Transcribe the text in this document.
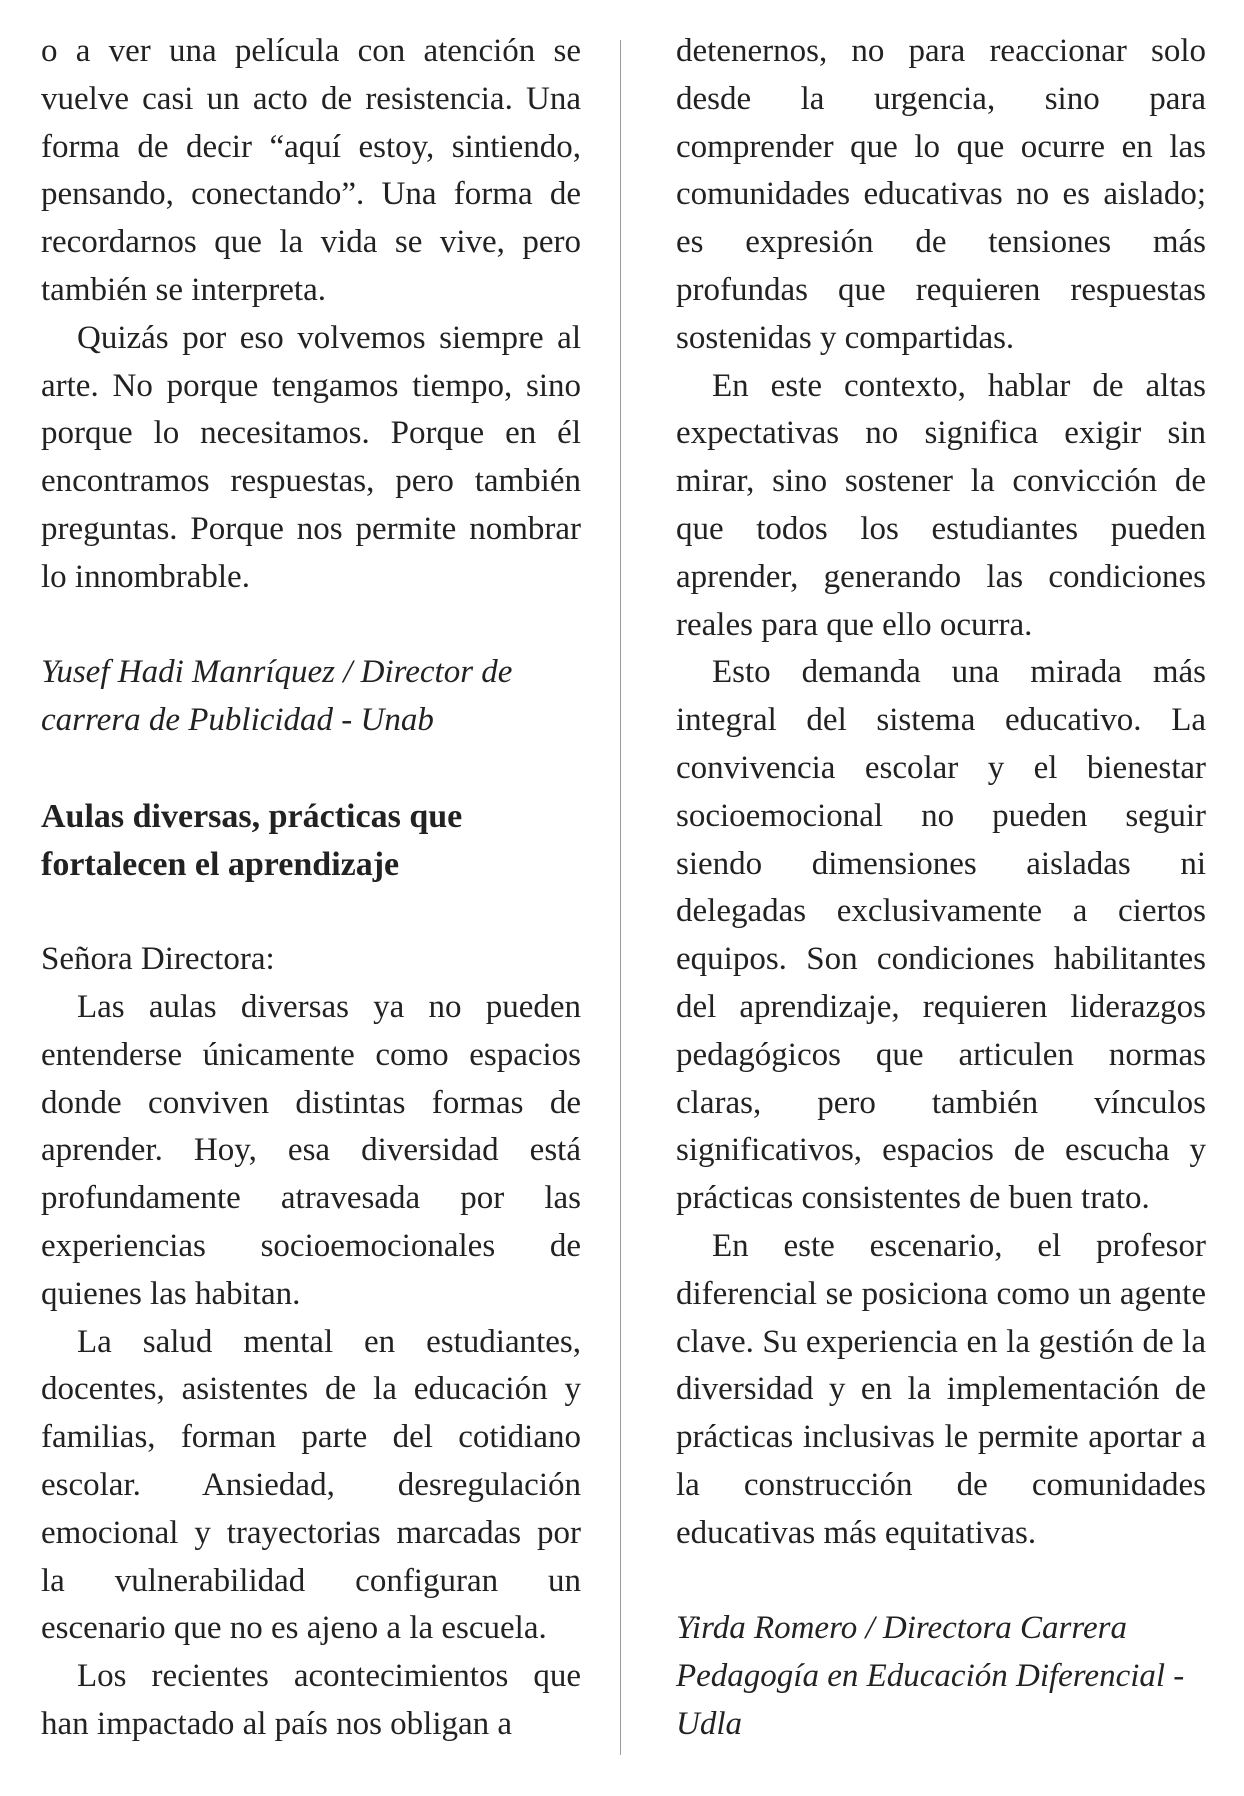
o a ver una película con atención se vuelve casi un acto de resistencia. Una forma de decir “aquí estoy, sintiendo, pensando, conectando”. Una forma de recordarnos que la vida se vive, pero también se interpreta.

Quizás por eso volvemos siempre al arte. No porque tengamos tiempo, sino porque lo necesitamos. Porque en él encontramos respuestas, pero también preguntas. Porque nos permite nombrar lo innombrable.

Yusef Hadi Manríquez / Director de
carrera de Publicidad - Unab
Aulas diversas, prácticas que
fortalecen el aprendizaje

Señora Directora:

Las aulas diversas ya no pueden entenderse únicamente como espacios donde conviven distintas formas de aprender. Hoy, esa diversidad está profundamente atravesada por las experiencias socioemocionales de quienes las habitan.

La salud mental en estudiantes, docentes, asistentes de la educación y familias, forman parte del cotidiano escolar. Ansiedad, desregulación emocional y trayectorias marcadas por la vulnerabilidad configuran un escenario que no es ajeno a la escuela.

Los recientes acontecimientos que han impactado al país nos obligan a

detenernos, no para reaccionar solo desde la urgencia, sino para comprender que lo que ocurre en las comunidades educativas no es aislado; es expresión de tensiones más profundas que requieren respuestas sostenidas y compartidas.

En este contexto, hablar de altas expectativas no significa exigir sin mirar, sino sostener la convicción de que todos los estudiantes pueden aprender, generando las condiciones reales para que ello ocurra.

Esto demanda una mirada más integral del sistema educativo. La convivencia escolar y el bienestar socioemocional no pueden seguir siendo dimensiones aisladas ni delegadas exclusivamente a ciertos equipos. Son condiciones habilitantes del aprendizaje, requieren liderazgos pedagógicos que articulen normas claras, pero también vínculos significativos, espacios de escucha y prácticas consistentes de buen trato.

En este escenario, el profesor diferencial se posiciona como un agente clave. Su experiencia en la gestión de la diversidad y en la implementación de prácticas inclusivas le permite aportar a la construcción de comunidades educativas más equitativas.

Yirda Romero / Directora Carrera
Pedagogía en Educación Diferencial -
Udla
